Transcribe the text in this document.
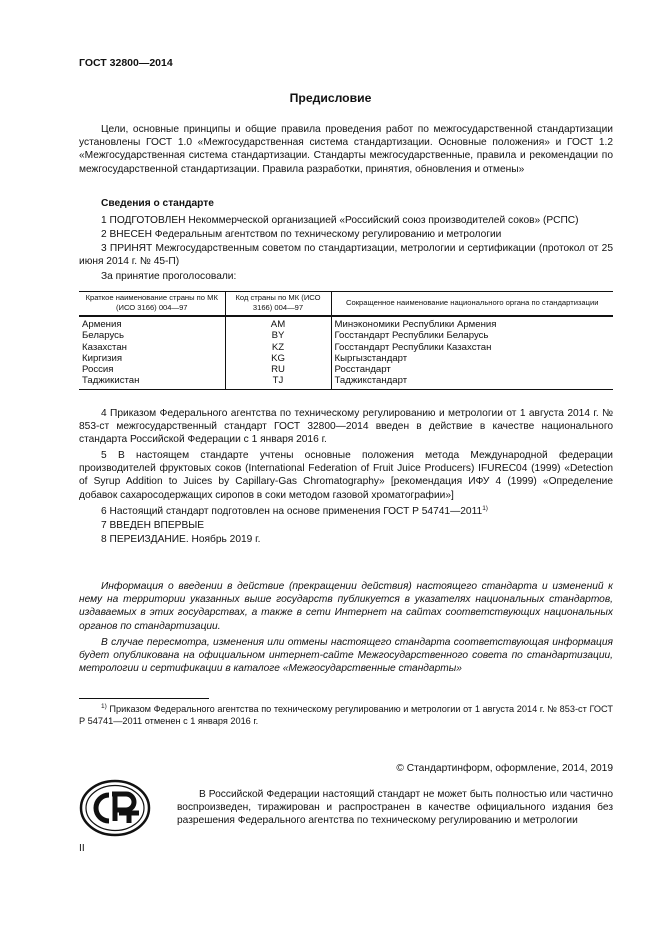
ГОСТ 32800—2014
Предисловие
Цели, основные принципы и общие правила проведения работ по межгосударственной стандартизации установлены ГОСТ 1.0 «Межгосударственная система стандартизации. Основные положения» и ГОСТ 1.2 «Межгосударственная система стандартизации. Стандарты межгосударственные, правила и рекомендации по межгосударственной стандартизации. Правила разработки, принятия, обновления и отмены»
Сведения о стандарте
1 ПОДГОТОВЛЕН Некоммерческой организацией «Российский союз производителей соков» (РСПС)
2 ВНЕСЕН Федеральным агентством по техническому регулированию и метрологии
3 ПРИНЯТ Межгосударственным советом по стандартизации, метрологии и сертификации (протокол от 25 июня 2014 г. № 45-П)
За принятие проголосовали:
Краткое наименование страны по МК (ИСО 3166) 004—97	Код страны по МК (ИСО 3166) 004—97	Сокращенное наименование национального органа по стандартизации
Армения	AM	Минэкономики Республики Армения
Беларусь	BY	Госстандарт Республики Беларусь
Казахстан	KZ	Госстандарт Республики Казахстан
Киргизия	KG	Кыргызстандарт
Россия	RU	Росстандарт
Таджикистан	TJ	Таджикстандарт
4 Приказом Федерального агентства по техническому регулированию и метрологии от 1 августа 2014 г. № 853-ст межгосударственный стандарт ГОСТ 32800—2014 введен в действие в качестве национального стандарта Российской Федерации с 1 января 2016 г.
5 В настоящем стандарте учтены основные положения метода Международной федерации производителей фруктовых соков (International Federation of Fruit Juice Producers) IFUREC04 (1999) «Detection of Syrup Addition to Juices by Capillary-Gas Chromatography» [рекомендация ИФУ 4 (1999) «Определение добавок сахаросодержащих сиропов в соки методом газовой хроматографии»]
6 Настоящий стандарт подготовлен на основе применения ГОСТ Р 54741—2011$^{1)}$
7 ВВЕДЕН ВПЕРВЫЕ
8 ПЕРЕИЗДАНИЕ. Ноябрь 2019 г.
Информация о введении в действие (прекращении действия) настоящего стандарта и изменений к нему на территории указанных выше государств публикуется в указателях национальных стандартов, издаваемых в этих государствах, а также в сети Интернет на сайтах соответствующих национальных органов по стандартизации.
В случае пересмотра, изменения или отмены настоящего стандарта соответствующая информация будет опубликована на официальном интернет-сайте Межгосударственного совета по стандартизации, метрологии и сертификации в каталоге «Межгосударственные стандарты»
$^{1)}$ Приказом Федерального агентства по техническому регулированию и метрологии от 1 августа 2014 г. № 853-ст ГОСТ Р 54741—2011 отменен с 1 января 2016 г.
© Стандартинформ, оформление, 2014, 2019
В Российской Федерации настоящий стандарт не может быть полностью или частично воспроизведен, тиражирован и распространен в качестве официального издания без разрешения Федерального агентства по техническому регулированию и метрологии
II
